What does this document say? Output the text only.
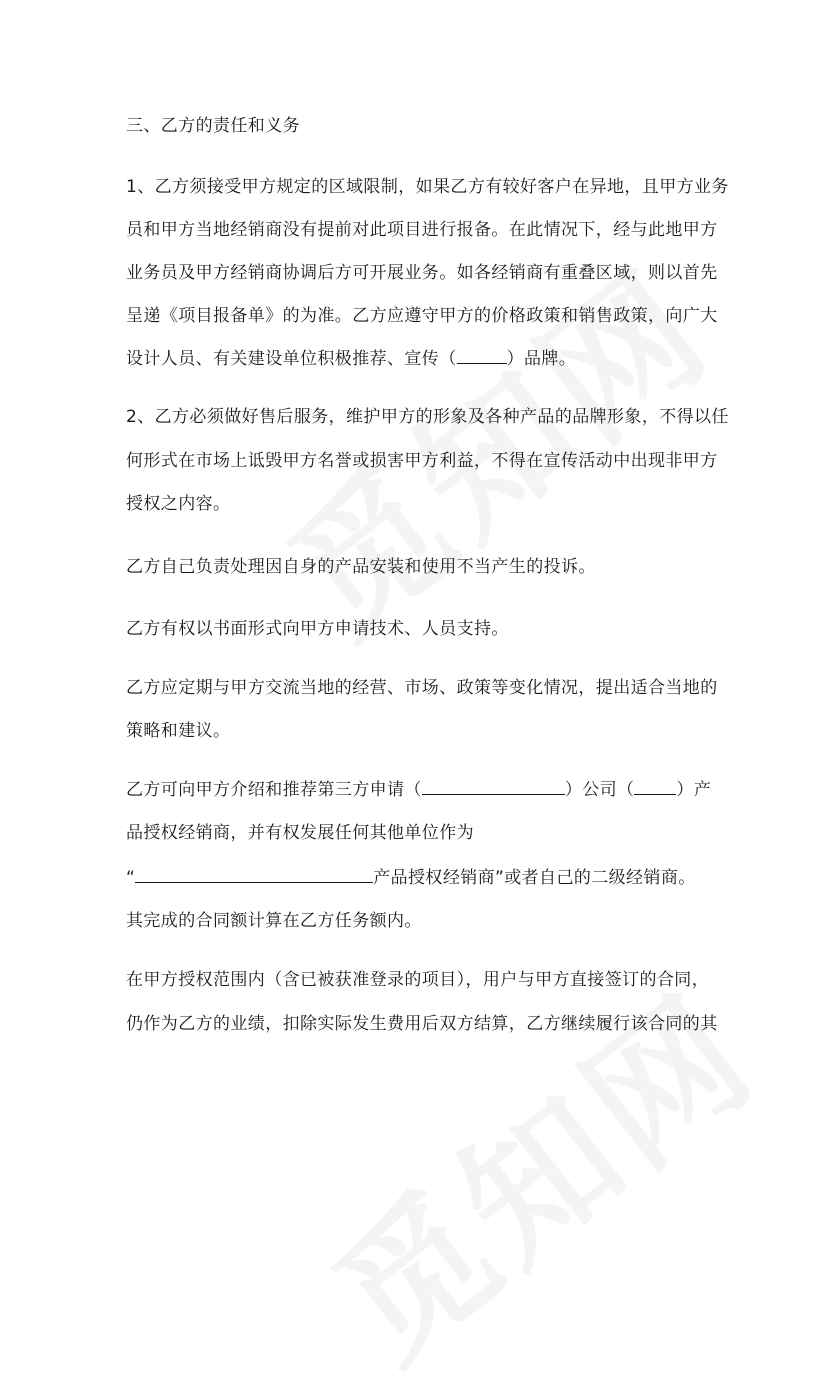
三、乙方的责任和义务
1、乙方须接受甲方规定的区域限制，如果乙方有较好客户在异地，且甲方业务
员和甲方当地经销商没有提前对此项目进行报备。在此情况下，经与此地甲方
业务员及甲方经销商协调后方可开展业务。如各经销商有重叠区域，则以首先
呈递《项目报备单》的为准。乙方应遵守甲方的价格政策和销售政策，向广大
设计人员、有关建设单位积极推荐、宣传（	）品牌。
2、乙方必须做好售后服务，维护甲方的形象及各种产品的品牌形象，不得以任
何形式在市场上诋毁甲方名誉或损害甲方利益，不得在宣传活动中出现非甲方
授权之内容。
乙方自己负责处理因自身的产品安装和使用不当产生的投诉。
乙方有权以书面形式向甲方申请技术、人员支持。
乙方应定期与甲方交流当地的经营、市场、政策等变化情况，提出适合当地的
策略和建议。
乙方可向甲方介绍和推荐第三方申请（	）公司（ ）产
品授权经销商，并有权发展任何其他单位作为
“	产品授权经销商”或者自己的二级经销商。
其完成的合同额计算在乙方任务额内。
在甲方授权范围内（含已被获准登录的项目），用户与甲方直接签订的合同，
仍作为乙方的业绩，扣除实际发生费用后双方结算，乙方继续履行该合同的其
